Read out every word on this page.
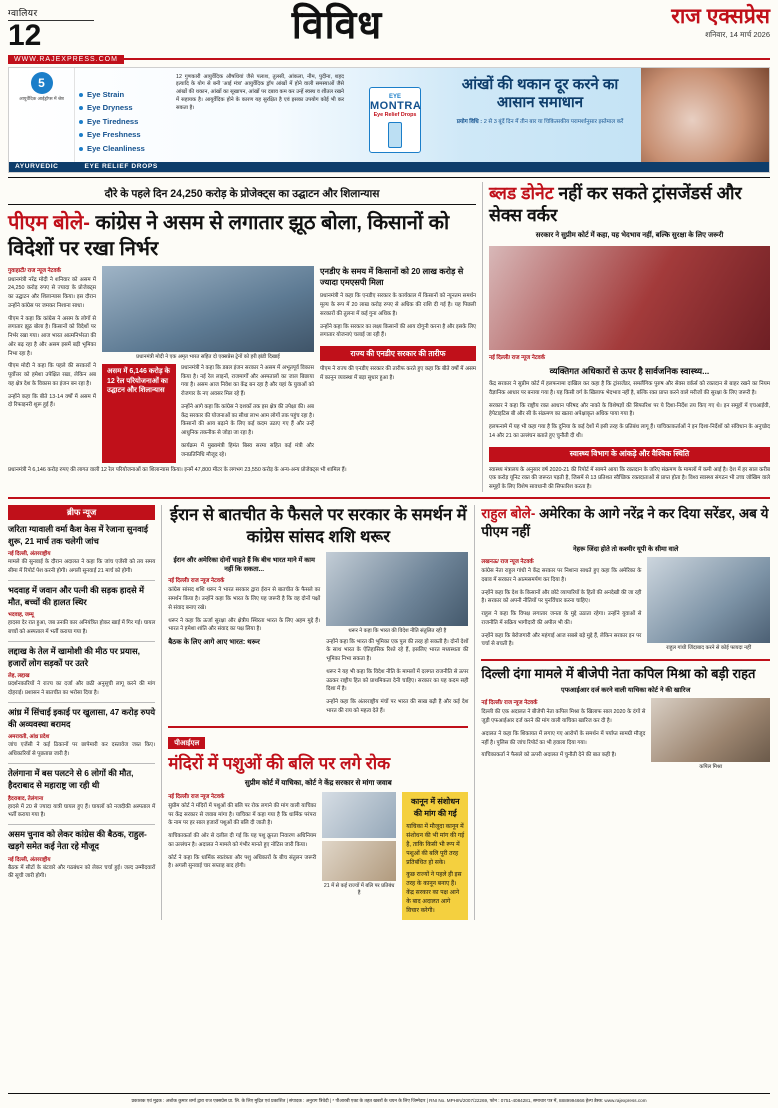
ग्वालियर
12	विविध	राज एक्सप्रेस
शनिवार, 14 मार्च 2026
WWW.RAJEXPRESS.COM
5
आयुर्वेदिक आईड्रॉप्स में श्रेष्ठ	Eye Strain
Eye Dryness
Eye Tiredness
Eye Freshness
Eye Cleanliness
12 गुणकारी आयुर्वेदिक औषधियां जैसे पलाश, तुलसी, आंकला, नीम, पुदीना, शहद इत्यादि के योग से बनी 'आई मंत्रा' आयुर्वेदिक ड्रॉप आंखों में होने वाली समस्याओं जैसे आंखों की थकान, आंखों का सूखापन, आंखों पर दबाव कम कर उन्हें स्वस्थ व शीतल रखने में सहायक है। आयुर्वेदिक होने के कारण यह सुरक्षित है एवं इसका उपयोग कोई भी कर सकता है।
EYE
MONTRA
Eye Relief Drops
आंखों की थकान दूर करने का आसान समाधान
प्रयोग विधि : 2 से 3 बूंदें दिन में तीन बार या चिकित्सकीय परामर्शानुसार इस्तेमाल करें
AYURVEDIC	EYE RELIEF DROPS
दौरे के पहले दिन 24,250 करोड़ के प्रोजेक्ट्स का उद्घाटन और शिलान्यास
पीएम बोले- कांग्रेस ने असम से लगातार झूठ बोला, किसानों को विदेशों पर रखा निर्भर
गुवाहाटी/ राज न्यूज नेटवर्क

प्रधानमंत्री नरेंद्र मोदी ने शनिवार को असम में 24,250 करोड़ रुपए से ज्यादा के प्रोजेक्ट्स का उद्घाटन और शिलान्यास किया। इस दौरान उन्होंने कांग्रेस पर जमकर निशाना साधा।

पीएम ने कहा कि कांग्रेस ने असम के लोगों से लगातार झूठ बोला है। किसानों को विदेशों पर निर्भर रखा गया। आज भारत आत्मनिर्भरता की ओर बढ़ रहा है और असम इसमें बड़ी भूमिका निभा रहा है।

पीएम मोदी ने कहा कि पहले की सरकारों ने पूर्वोत्तर को हमेशा उपेक्षित रखा, लेकिन अब यह क्षेत्र देश के विकास का इंजन बन रहा है।

उन्होंने कहा कि बीते 13-14 वर्षों में असम में दो रिफाइनरी शुरू हुई हैं।

प्रधानमंत्री मोदी ने एक अमृत भारत सहित दो एक्सप्रेस ट्रेनों को हरी झंडी दिखाई
असम में 6,146 करोड़ के 12 रेल परियोजनाओं का उद्घाटन और शिलान्यास

प्रधानमंत्री ने कहा कि डबल इंजन सरकार ने असम में अभूतपूर्व विकास किया है। नई रेल लाइनों, राजमार्गों और अस्पतालों का जाल बिछाया गया है। असम आज निवेश का केंद्र बन रहा है और यहां के युवाओं को रोजगार के नए अवसर मिल रहे हैं।

उन्होंने आगे कहा कि कांग्रेस ने दशकों तक इस क्षेत्र की उपेक्षा की। अब केंद्र सरकार की योजनाओं का सीधा लाभ आम लोगों तक पहुंच रहा है। किसानों की आय बढ़ाने के लिए कई कदम उठाए गए हैं और उन्हें आधुनिक तकनीक से जोड़ा जा रहा है।

कार्यक्रम में मुख्यमंत्री हिमंत बिस्व सरमा सहित कई मंत्री और जनप्रतिनिधि मौजूद रहे।

एनडीए के समय में किसानों को 20 लाख करोड़ से ज्यादा एमएसपी मिला

प्रधानमंत्री ने कहा कि एनडीए सरकार के कार्यकाल में किसानों को न्यूनतम समर्थन मूल्य के रूप में 20 लाख करोड़ रुपए से अधिक की राशि दी गई है। यह पिछली सरकारों की तुलना में कई गुना अधिक है।

उन्होंने कहा कि सरकार का लक्ष्य किसानों की आय दोगुनी करना है और इसके लिए लगातार योजनाएं चलाई जा रही हैं।

राज्य की एनडीए सरकार की तारीफ

पीएम ने राज्य की एनडीए सरकार की तारीफ करते हुए कहा कि बीते वर्षों में असम में कानून व्यवस्था में बड़ा सुधार हुआ है।

प्रधानमंत्री ने 6,146 करोड़ रुपए की लागत वाली 12 रेल परियोजनाओं का शिलान्यास किया। इनमें 47,800 मीटर के लगभग 23,550 करोड़ के अन्य-अन्य प्रोजेक्ट्स भी शामिल हैं।
ब्लड डोनेट नहीं कर सकते ट्रांसजेंडर्स और सेक्स वर्कर
सरकार ने सुप्रीम कोर्ट में कहा, यह भेदभाव नहीं, बल्कि सुरक्षा के लिए जरूरी
नई दिल्ली/ राज न्यूज नेटवर्क
व्यक्तिगत अधिकारों से ऊपर है सार्वजनिक स्वास्थ्य...

केंद्र सरकार ने सुप्रीम कोर्ट में हलफनामा दाखिल कर कहा है कि ट्रांसजेंडर, समलैंगिक पुरुष और सेक्स वर्कर्स को रक्तदान से बाहर रखने का नियम वैज्ञानिक आधार पर बनाया गया है। यह किसी वर्ग के खिलाफ भेदभाव नहीं है, बल्कि रक्त प्राप्त करने वाले मरीजों की सुरक्षा के लिए जरूरी है।

सरकार ने कहा कि राष्ट्रीय रक्त आधान परिषद और नाको के विशेषज्ञों की सिफारिश पर ये दिशा-निर्देश तय किए गए थे। इन समूहों में एचआईवी, हेपेटाइटिस बी और सी के संक्रमण का खतरा अपेक्षाकृत अधिक पाया गया है।

हलफनामे में यह भी कहा गया है कि दुनिया के कई देशों में इसी तरह के प्रतिबंध लागू हैं। याचिकाकर्ताओं ने इन दिशा-निर्देशों को संविधान के अनुच्छेद 14 और 21 का उल्लंघन बताते हुए चुनौती दी थी।

स्वास्थ्य विभाग के आंकड़े और वैश्विक स्थिति
स्वास्थ्य मंत्रालय के अनुसार वर्ष 2020-21 की रिपोर्ट में सामने आया कि रक्तदान के जरिए संक्रमण के मामलों में कमी आई है। देश में हर साल करीब एक करोड़ यूनिट रक्त की जरूरत पड़ती है, जिसमें से 13 प्रतिशत स्वैच्छिक रक्तदाताओं से प्राप्त होता है। विश्व स्वास्थ्य संगठन भी उच्च जोखिम वाले समूहों के लिए विशेष सावधानी की सिफारिश करता है।
ब्रीफ न्यूज
जरिता ग्यावाली वर्मा कैश केस में रेजाना सुनवाई शुरू, 21 मार्च तक चलेगी जांच
नई दिल्ली, अंतरराष्ट्रीय
मामले की सुनवाई के दौरान अदालत ने कहा कि जांच एजेंसी को तय समय सीमा में रिपोर्ट पेश करनी होगी। अगली सुनवाई 21 मार्च को होगी।
भदवाह में जवान और पत्नी की सड़क हादसे में मौत, बच्चों की हालत स्थिर
भदवाह, जम्मू
हादसा देर रात हुआ, जब उनकी कार अनियंत्रित होकर खाई में गिर गई। घायल बच्चों को अस्पताल में भर्ती कराया गया है।
लद्दाख के तेल में खामोशी की मीठ पर प्रयास, हजारों लोग सड़कों पर उतरे
लेह, लद्दाख
प्रदर्शनकारियों ने राज्य का दर्जा और छठी अनुसूची लागू करने की मांग दोहराई। प्रशासन ने बातचीत का भरोसा दिया है।
आंध्र में सिंचाई इकाई पर खुलासा, 47 करोड़ रुपये की अव्यवस्था बरामद
अमरावती, आंध्र प्रदेश
जांच एजेंसी ने कई ठिकानों पर छापेमारी कर दस्तावेज जब्त किए। अधिकारियों से पूछताछ जारी है।
तेलंगाना में बस पलटने से 6 लोगों की मौत, हैदराबाद से महाराष्ट्र जा रही थी
हैदराबाद, तेलंगाना
हादसे में 20 से ज्यादा यात्री घायल हुए हैं। घायलों को नजदीकी अस्पताल में भर्ती कराया गया है।
असम चुनाव को लेकर कांग्रेस की बैठक, राहुल-खड़गे समेत कई नेता रहे मौजूद
नई दिल्ली, अंतरराष्ट्रीय
बैठक में सीटों के बंटवारे और गठबंधन को लेकर चर्चा हुई। जल्द उम्मीदवारों की सूची जारी होगी।
ईरान से बातचीत के फैसले पर सरकार के समर्थन में कांग्रेस सांसद शशि थरूर
ईरान और अमेरिका दोनों चाहते हैं कि बीच भारत माने में काम नहीं कि सकता...
नई दिल्ली/ राज न्यूज नेटवर्क

कांग्रेस सांसद शशि थरूर ने भारत सरकार द्वारा ईरान से बातचीत के फैसले का समर्थन किया है। उन्होंने कहा कि भारत के लिए यह जरूरी है कि वह दोनों पक्षों से संवाद बनाए रखे।

थरूर ने कहा कि ऊर्जा सुरक्षा और क्षेत्रीय स्थिरता भारत के लिए अहम मुद्दे हैं। भारत ने हमेशा शांति और संवाद का पक्ष लिया है।

बैठक के लिए आगे आए भारत: थरूर
थरूर ने कहा कि भारत की विदेश नीति संतुलित रही है

उन्होंने कहा कि भारत की भूमिका एक पुल की तरह हो सकती है। दोनों देशों के साथ भारत के ऐतिहासिक रिश्ते रहे हैं, इसलिए भारत मध्यस्थता की भूमिका निभा सकता है।

थरूर ने यह भी कहा कि विदेश नीति के मामलों में दलगत राजनीति से ऊपर उठकर राष्ट्रीय हित को प्राथमिकता देनी चाहिए। सरकार का यह कदम सही दिशा में है।

उन्होंने कहा कि अंतरराष्ट्रीय मंचों पर भारत की साख बढ़ी है और कई देश भारत की राय को महत्व देते हैं।

पीआईएल
मंदिरों में पशुओं की बलि पर लगे रोक
सुप्रीम कोर्ट में याचिका, कोर्ट ने केंद्र सरकार से मांगा जवाब
नई दिल्ली/ राज न्यूज नेटवर्क

सुप्रीम कोर्ट ने मंदिरों में पशुओं की बलि पर रोक लगाने की मांग वाली याचिका पर केंद्र सरकार से जवाब मांगा है। याचिका में कहा गया है कि धार्मिक परंपरा के नाम पर हर साल हजारों पशुओं की बलि दी जाती है।

याचिकाकर्ता की ओर से दलील दी गई कि यह पशु क्रूरता निवारण अधिनियम का उल्लंघन है। अदालत ने मामले को गंभीर मानते हुए नोटिस जारी किया।

कोर्ट ने कहा कि धार्मिक स्वतंत्रता और पशु अधिकारों के बीच संतुलन जरूरी है। अगली सुनवाई चार सप्ताह बाद होगी।

21 में से कई राज्यों में बलि पर प्रतिबंध है
कानून में संशोधन की मांग की गई

याचिका में मौजूदा कानून में संशोधन की भी मांग की गई है, ताकि किसी भी रूप में पशुओं की बलि पूरी तरह प्रतिबंधित हो सके।

कुछ राज्यों ने पहले ही इस तरह के कानून बनाए हैं। केंद्र सरकार का पक्ष आने के बाद अदालत आगे विचार करेगी।

राहुल बोले- अमेरिका के आगे नरेंद्र ने कर दिया सरेंडर, अब ये पीएम नहीं
नेहरू जिंदा होते तो कश्मीर यूपी के सीमा वाले
लखनऊ/ राज न्यूज नेटवर्क

कांग्रेस नेता राहुल गांधी ने केंद्र सरकार पर निशाना साधते हुए कहा कि अमेरिका के दबाव में सरकार ने आत्मसमर्पण कर दिया है।

उन्होंने कहा कि देश के किसानों और छोटे व्यापारियों के हितों की अनदेखी की जा रही है। सरकार को अपनी नीतियों पर पुनर्विचार करना चाहिए।

राहुल ने कहा कि विपक्ष लगातार जनता के मुद्दे उठाता रहेगा। उन्होंने युवाओं से राजनीति में सक्रिय भागीदारी की अपील भी की।

उन्होंने कहा कि बेरोजगारी और महंगाई आज सबसे बड़े मुद्दे हैं, लेकिन सरकार इन पर चर्चा से बचती है।

राहुल गांधी जिंदाबाद करने से कोई फायदा नहीं
दिल्ली दंगा मामले में बीजेपी नेता कपिल मिश्रा को बड़ी राहत
एफआईआर दर्ज करने वाली याचिका कोर्ट ने की खारिज
नई दिल्ली/ राज न्यूज नेटवर्क

दिल्ली की एक अदालत ने बीजेपी नेता कपिल मिश्रा के खिलाफ साल 2020 के दंगों से जुड़ी एफआईआर दर्ज करने की मांग वाली याचिका खारिज कर दी है।

अदालत ने कहा कि शिकायत में लगाए गए आरोपों के समर्थन में पर्याप्त सामग्री मौजूद नहीं है। पुलिस की जांच रिपोर्ट का भी हवाला दिया गया।

याचिकाकर्ता ने फैसले को ऊपरी अदालत में चुनौती देने की बात कही है।

कपिल मिश्रा
प्रकाशक एवं मुद्रक : अशोक कुमार शर्मा द्वारा राज एक्सप्रेस प्रा. लि. के लिए मुद्रित एवं प्रकाशित | संपादक : अनुराग त्रिवेदी | * पीआरबी एक्ट के तहत खबरों के चयन के लिए जिम्मेदार | RNI No. MPHIN/2007/22269, फोन : 0751-4084281, समाचार पत्र में, 8889994666 हेल्प डेस्क: www.rajexpress.com
